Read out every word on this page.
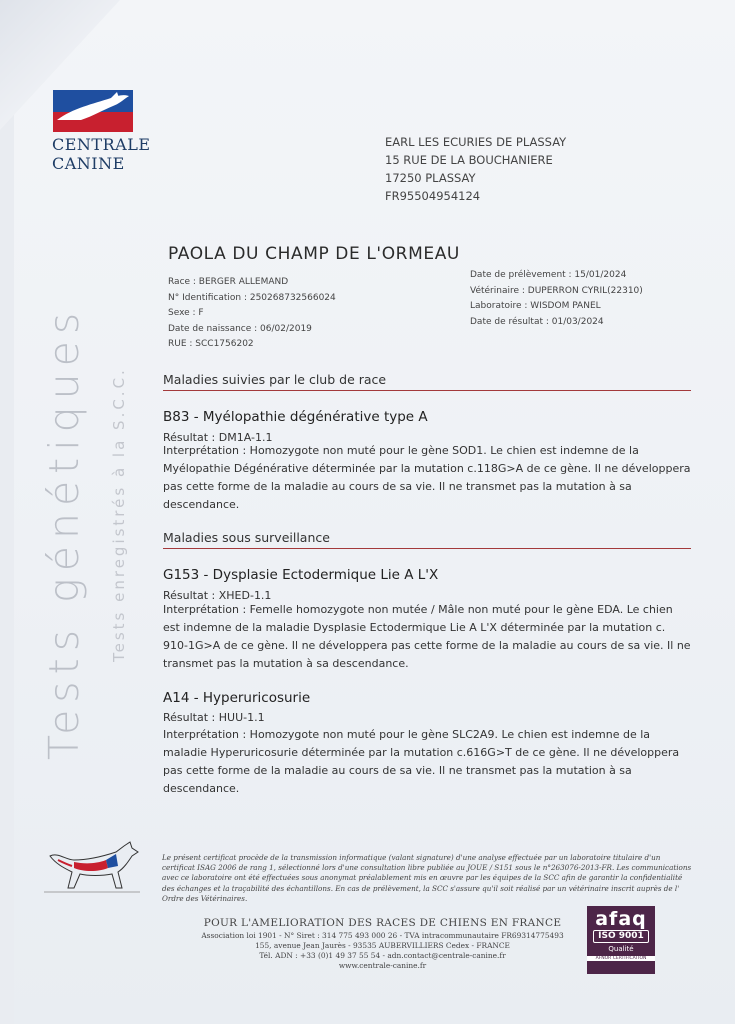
CENTRALE
CANINE
EARL LES ECURIES DE PLASSAY
15 RUE DE LA BOUCHANIERE
17250 PLASSAY
FR95504954124
PAOLA DU CHAMP DE L'ORMEAU
Race : BERGER ALLEMAND
N° Identification : 250268732566024
Sexe : F
Date de naissance : 06/02/2019
RUE : SCC1756202
Date de prélèvement : 15/01/2024
Vétérinaire : DUPERRON CYRIL(22310)
Laboratoire : WISDOM PANEL
Date de résultat : 01/03/2024
Maladies suivies par le club de race
B83 - Myélopathie dégénérative type A
Résultat : DM1A-1.1
Interprétation : Homozygote non muté pour le gène SOD1. Le chien est indemne de la Myélopathie Dégénérative déterminée par la mutation c.118G>A de ce gène. Il ne développera pas cette forme de la maladie au cours de sa vie. Il ne transmet pas la mutation à sa descendance.
Maladies sous surveillance
G153 - Dysplasie Ectodermique Lie A L'X
Résultat : XHED-1.1
Interprétation : Femelle homozygote non mutée / Mâle non muté pour le gène EDA. Le chien est indemne de la maladie Dysplasie Ectodermique Lie A L'X déterminée par la mutation c. 910-1G>A de ce gène. Il ne développera pas cette forme de la maladie au cours de sa vie. Il ne transmet pas la mutation à sa descendance.
A14 - Hyperuricosurie
Résultat : HUU-1.1
Interprétation : Homozygote non muté pour le gène SLC2A9. Le chien est indemne de la maladie Hyperuricosurie déterminée par la mutation c.616G>T de ce gène. Il ne développera pas cette forme de la maladie au cours de sa vie. Il ne transmet pas la mutation à sa descendance.
Tests génétiques Tests enregistrés à la S.C.C.
Le présent certificat procède de la transmission informatique (valant signature) d'une analyse effectuée par un laboratoire titulaire d'un certificat ISAG 2006 de rang 1, sélectionné lors d'une consultation libre publiée au JOUE / S151 sous le n°263076-2013-FR. Les communications avec ce laboratoire ont été effectuées sous anonymat préalablement mis en œuvre par les équipes de la SCC afin de garantir la confidentialité des échanges et la traçabilité des échantillons. En cas de prélèvement, la SCC s'assure qu'il soit réalisé par un vétérinaire inscrit auprès de l' Ordre des Vétérinaires.
POUR L'AMELIORATION DES RACES DE CHIENS EN FRANCE
Association loi 1901 - N° Siret : 314 775 493 000 26 - TVA intracommunautaire FR69314775493
155, avenue Jean Jaurès - 93535 AUBERVILLIERS Cedex - FRANCE
Tél. ADN : +33 (0)1 49 37 55 54 - adn.contact@centrale-canine.fr
www.centrale-canine.fr
afaq
ISO 9001
Qualité
AFNOR CERTIFICATION
